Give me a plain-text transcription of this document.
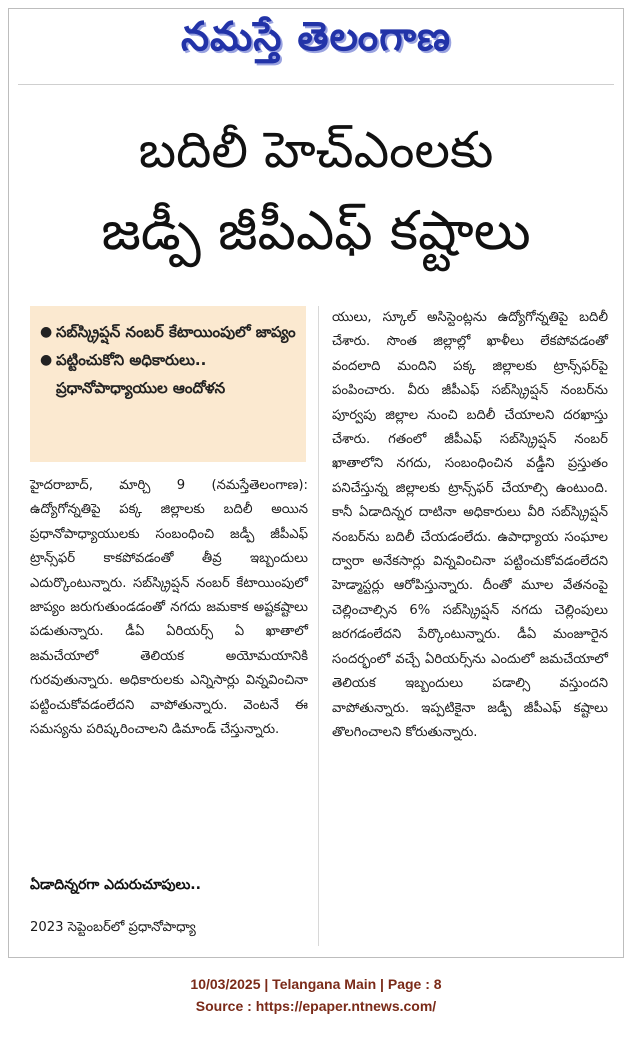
నమస్తే తెలంగాణ
బదిలీ హెచ్ఎంలకు
జడ్పీ జీపీఎఫ్ కష్టాలు
● సబ్‌స్క్రిప్షన్ నంబర్ కేటాయింపులో జాప్యం
● పట్టించుకోని అధికారులు.. ప్రధానోపాధ్యాయుల ఆందోళన

హైదరాబాద్, మార్చి 9 (నమస్తేతెలంగాణ): ఉద్యోగోన్నతిపై పక్క జిల్లాలకు బదిలీ అయిన ప్రధానోపాధ్యాయులకు సంబంధించి జడ్పీ జీపీఎఫ్ ట్రాన్స్‌ఫర్ కాకపోవడంతో తీవ్ర ఇబ్బందులు ఎదుర్కొంటున్నారు. సబ్‌స్క్రిప్షన్ నంబర్ కేటాయింపులో జాప్యం జరుగుతుండడంతో నగదు జమకాక అష్టకష్టాలు పడుతున్నారు. డీఏ ఏరియర్స్ ఏ ఖాతాలో జమచేయాలో తెలియక అయోమయానికి గురవుతున్నారు. అధికారులకు ఎన్నిసార్లు విన్నవించినా పట్టించుకోవడంలేదని వాపోతున్నారు. వెంటనే ఈ సమస్యను పరిష్కరించాలని డిమాండ్ చేస్తున్నారు.

ఏడాదిన్నరగా ఎదురుచూపులు..
2023 సెప్టెంబర్‌లో ప్రధానోపాధ్యా

యులు, స్కూల్ అసిస్టెంట్లను ఉద్యోగోన్నతిపై బదిలీ చేశారు. సొంత జిల్లాల్లో ఖాళీలు లేకపోవడంతో వందలాది మందిని పక్క జిల్లాలకు ట్రాన్స్‌ఫర్‌పై పంపించారు. వీరు జీపీఎఫ్ సబ్‌స్క్రిప్షన్ నంబర్‌ను పూర్వపు జిల్లాల నుంచి బదిలీ చేయాలని దరఖాస్తు చేశారు. గతంలో జీపీఎఫ్ సబ్‌స్క్రిప్షన్ నంబర్ ఖాతాలోని నగదు, సంబంధించిన వడ్డీని ప్రస్తుతం పనిచేస్తున్న జిల్లాలకు ట్రాన్స్‌ఫర్ చేయాల్సి ఉంటుంది. కానీ ఏడాదిన్నర దాటినా అధికారులు వీరి సబ్‌స్క్రిప్షన్ నంబర్‌ను బదిలీ చేయడంలేదు. ఉపాధ్యాయ సంఘాల ద్వారా అనేకసార్లు విన్నవించినా పట్టించుకోవడంలేదని హెడ్మాస్టర్లు ఆరోపిస్తున్నారు. దీంతో మూల వేతనంపై చెల్లించాల్సిన 6% సబ్‌స్క్రిప్షన్ నగదు చెల్లింపులు జరగడంలేదని పేర్కొంటున్నారు. డీఏ మంజూరైన సందర్భంలో వచ్చే ఏరియర్స్‌ను ఎందులో జమచేయాలో తెలియక ఇబ్బందులు పడాల్సి వస్తుందని వాపోతున్నారు. ఇప్పటికైనా జడ్పీ జీపీఎఫ్ కష్టాలు తొలగించాలని కోరుతున్నారు.

10/03/2025 | Telangana Main | Page : 8
Source : https://epaper.ntnews.com/
